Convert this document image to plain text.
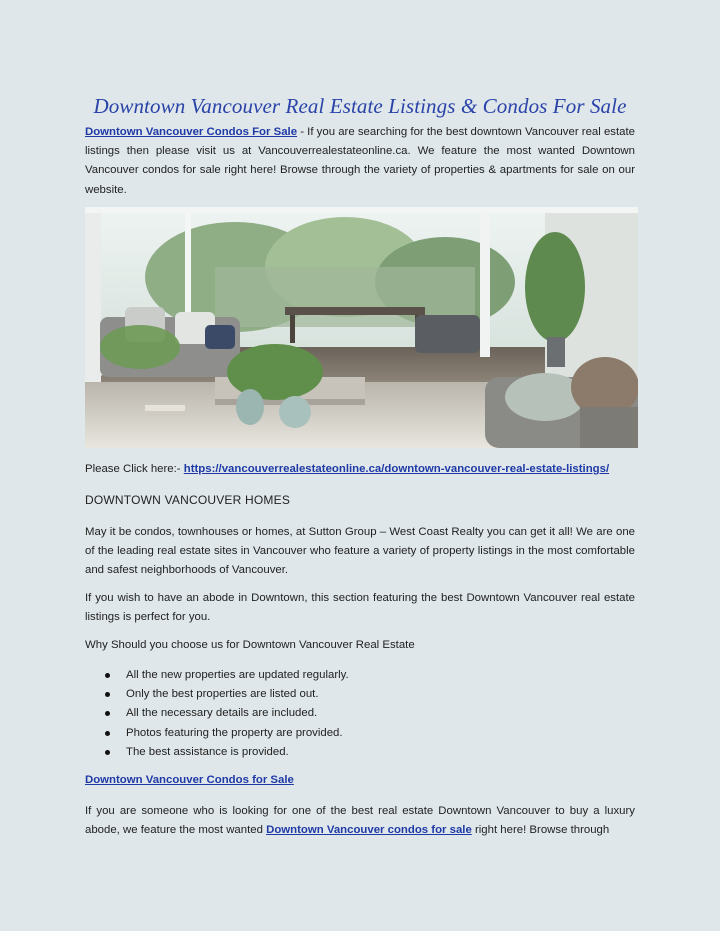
Downtown Vancouver Real Estate Listings & Condos For Sale
Downtown Vancouver Condos For Sale - If you are searching for the best downtown Vancouver real estate listings then please visit us at Vancouverrealestateonline.ca. We feature the most wanted Downtown Vancouver condos for sale right here! Browse through the variety of properties & apartments for sale on our website.
Please Click here:- https://vancouverrealestateonline.ca/downtown-vancouver-real-estate-listings/
DOWNTOWN VANCOUVER HOMES
May it be condos, townhouses or homes, at Sutton Group – West Coast Realty you can get it all! We are one of the leading real estate sites in Vancouver who feature a variety of property listings in the most comfortable and safest neighborhoods of Vancouver.
If you wish to have an abode in Downtown, this section featuring the best Downtown Vancouver real estate listings is perfect for you.
Why Should you choose us for Downtown Vancouver Real Estate
All the new properties are updated regularly.
Only the best properties are listed out.
All the necessary details are included.
Photos featuring the property are provided.
The best assistance is provided.
Downtown Vancouver Condos for Sale
If you are someone who is looking for one of the best real estate Downtown Vancouver to buy a luxury abode, we feature the most wanted Downtown Vancouver condos for sale right here! Browse through
